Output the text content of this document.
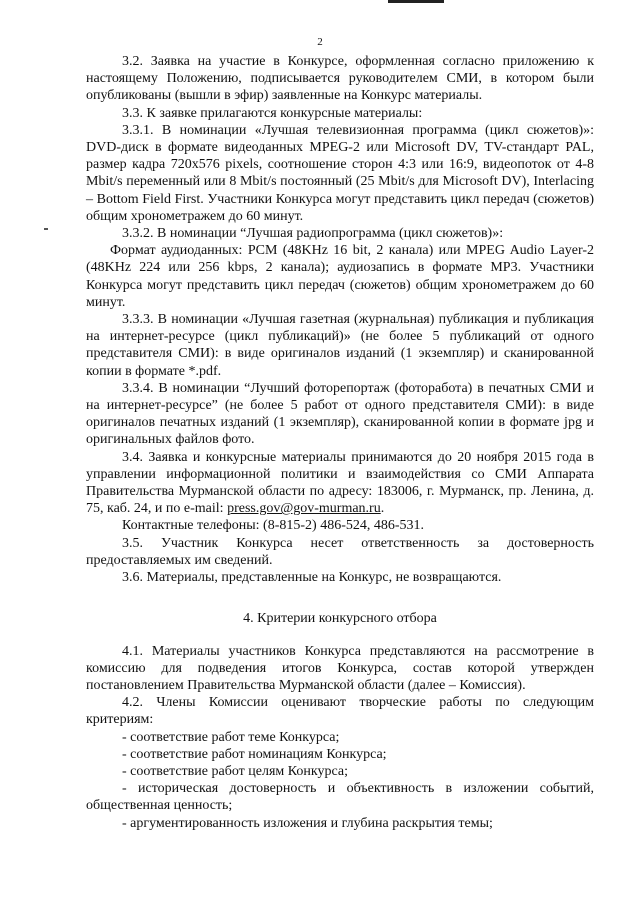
2

3.2. Заявка на участие в Конкурсе, оформленная согласно приложению к настоящему Положению, подписывается руководителем СМИ, в котором были опубликованы (вышли в эфир) заявленные на Конкурс материалы.

3.3. К заявке прилагаются конкурсные материалы:

3.3.1. В номинации «Лучшая телевизионная программа (цикл сюжетов)»: DVD-диск в формате видеоданных MPEG-2 или Microsoft DV, TV-стандарт PAL, размер кадра 720x576 pixels, соотношение сторон 4:3 или 16:9, видеопоток от 4-8 Mbit/s переменный или 8 Mbit/s постоянный (25 Mbit/s для Microsoft DV), Interlacing – Bottom Field First. Участники Конкурса могут представить цикл передач (сюжетов) общим хронометражем до 60 минут.

3.3.2. В номинации “Лучшая радиопрограмма (цикл сюжетов)»:

Формат аудиоданных: PCM (48KHz 16 bit, 2 канала) или MPEG Audio Layer-2 (48KHz 224 или 256 kbps, 2 канала); аудиозапись в формате MP3. Участники Конкурса могут представить цикл передач (сюжетов) общим хронометражем до 60 минут.

3.3.3. В номинации «Лучшая газетная (журнальная) публикация и публикация на интернет-ресурсе (цикл публикаций)» (не более 5 публикаций от одного представителя СМИ): в виде оригиналов изданий (1 экземпляр) и сканированной копии в формате *.pdf.

3.3.4. В номинации “Лучший фоторепортаж (фоторабота) в печатных СМИ и на интернет-ресурсе” (не более 5 работ от одного представителя СМИ): в виде оригиналов печатных изданий (1 экземпляр), сканированной копии в формате jpg и оригинальных файлов фото.

3.4. Заявка и конкурсные материалы принимаются до 20 ноября 2015 года в управлении информационной политики и взаимодействия со СМИ Аппарата Правительства Мурманской области по адресу: 183006, г. Мурманск, пр. Ленина, д. 75, каб. 24, и по e-mail: press.gov@gov-murman.ru.

Контактные телефоны: (8-815-2) 486-524, 486-531.

3.5. Участник Конкурса несет ответственность за достоверность предоставляемых им сведений.

3.6. Материалы, представленные на Конкурс, не возвращаются.

4. Критерии конкурсного отбора

4.1. Материалы участников Конкурса представляются на рассмотрение в комиссию для подведения итогов Конкурса, состав которой утвержден постановлением Правительства Мурманской области (далее – Комиссия).

4.2. Члены Комиссии оценивают творческие работы по следующим критериям:

- соответствие работ теме Конкурса;

- соответствие работ номинациям Конкурса;

- соответствие работ целям Конкурса;

- историческая достоверность и объективность в изложении событий, общественная ценность;

- аргументированность изложения и глубина раскрытия темы;
